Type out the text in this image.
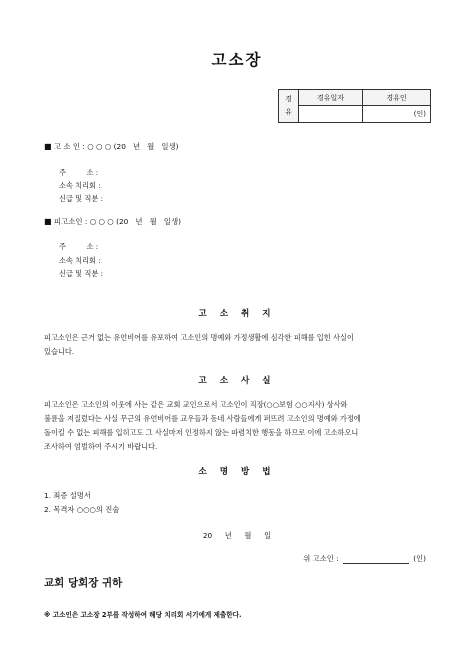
고소장
경
유	경유일자	경유인
		(인)
■ 고 소 인 : ○ ○ ○ (20   년   월   일생)
주         소 :
소속 치리회 :
신급 및 직분 :
■ 피고소인 : ○ ○ ○ (20   년   월   일생)
주         소 :
소속 치리회 :
신급 및 직분 :
고 소 취 지
피고소인은 근거 없는 유언비어를 유포하여 고소인의 명예와 가정생활에 심각한 피해를 입힌 사실이
있습니다.
고 소 사 실
피고소인은 고소인의 이웃에 사는 같은 교회 교인으로서 고소인이 직장(○○보험 ○○지사) 상사와
불륜을 저질렀다는 사실 무근의 유언비어를 교우들과 동네 사람들에게 퍼뜨려 고소인의 명예와 가정에
돌이킬 수 없는 피해를 입히고도 그 사실마저 인정하지 않는 파렴치한 행동을 하므로 이에 고소하오니
조사하여 엄벌하여 주시기 바랍니다.
소 명 방 법
1. 죄증 설명서
2. 목격자 ○○○의 진술
20  년  월  일
위 고소인 :	(인)
교회 당회장 귀하
※ 고소인은 고소장 2부를 작성하여 해당 치리회 서기에게 제출한다.
